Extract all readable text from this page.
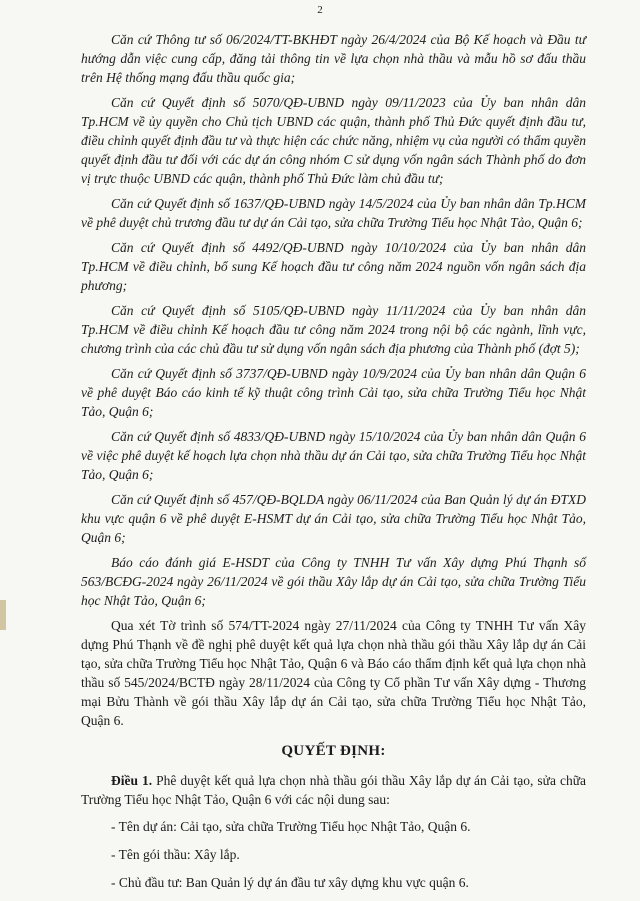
2

Căn cứ Thông tư số 06/2024/TT-BKHĐT ngày 26/4/2024 của Bộ Kế hoạch và Đầu tư hướng dẫn việc cung cấp, đăng tải thông tin về lựa chọn nhà thầu và mẫu hồ sơ đấu thầu trên Hệ thống mạng đấu thầu quốc gia;

Căn cứ Quyết định số 5070/QĐ-UBND ngày 09/11/2023 của Ủy ban nhân dân Tp.HCM về ủy quyền cho Chủ tịch UBND các quận, thành phố Thủ Đức quyết định đầu tư, điều chỉnh quyết định đầu tư và thực hiện các chức năng, nhiệm vụ của người có thẩm quyền quyết định đầu tư đối với các dự án công nhóm C sử dụng vốn ngân sách Thành phố do đơn vị trực thuộc UBND các quận, thành phố Thủ Đức làm chủ đầu tư;

Căn cứ Quyết định số 1637/QĐ-UBND ngày 14/5/2024 của Ủy ban nhân dân Tp.HCM về phê duyệt chủ trương đầu tư dự án Cải tạo, sửa chữa Trường Tiểu học Nhật Tảo, Quận 6;

Căn cứ Quyết định số 4492/QĐ-UBND ngày 10/10/2024 của Ủy ban nhân dân Tp.HCM về điều chỉnh, bổ sung Kế hoạch đầu tư công năm 2024 nguồn vốn ngân sách địa phương;

Căn cứ Quyết định số 5105/QĐ-UBND ngày 11/11/2024 của Ủy ban nhân dân Tp.HCM về điều chỉnh Kế hoạch đầu tư công năm 2024 trong nội bộ các ngành, lĩnh vực, chương trình của các chủ đầu tư sử dụng vốn ngân sách địa phương của Thành phố (đợt 5);

Căn cứ Quyết định số 3737/QĐ-UBND ngày 10/9/2024 của Ủy ban nhân dân Quận 6 về phê duyệt Báo cáo kinh tế kỹ thuật công trình Cải tạo, sửa chữa Trường Tiểu học Nhật Tảo, Quận 6;

Căn cứ Quyết định số 4833/QĐ-UBND ngày 15/10/2024 của Ủy ban nhân dân Quận 6 về việc phê duyệt kế hoạch lựa chọn nhà thầu dự án Cải tạo, sửa chữa Trường Tiểu học Nhật Tảo, Quận 6;

Căn cứ Quyết định số 457/QĐ-BQLDA ngày 06/11/2024 của Ban Quản lý dự án ĐTXD khu vực quận 6 về phê duyệt E-HSMT dự án Cải tạo, sửa chữa Trường Tiểu học Nhật Tảo, Quận 6;

Báo cáo đánh giá E-HSDT của Công ty TNHH Tư vấn Xây dựng Phú Thạnh số 563/BCĐG-2024 ngày 26/11/2024 về gói thầu Xây lắp dự án Cải tạo, sửa chữa Trường Tiểu học Nhật Tảo, Quận 6;

Qua xét Tờ trình số 574/TT-2024 ngày 27/11/2024 của Công ty TNHH Tư vấn Xây dựng Phú Thạnh về đề nghị phê duyệt kết quả lựa chọn nhà thầu gói thầu Xây lắp dự án Cải tạo, sửa chữa Trường Tiểu học Nhật Tảo, Quận 6 và Báo cáo thẩm định kết quả lựa chọn nhà thầu số 545/2024/BCTĐ ngày 28/11/2024 của Công ty Cổ phần Tư vấn Xây dựng - Thương mại Bửu Thành về gói thầu Xây lắp dự án Cải tạo, sửa chữa Trường Tiểu học Nhật Tảo, Quận 6.

QUYẾT ĐỊNH:

Điều 1. Phê duyệt kết quả lựa chọn nhà thầu gói thầu Xây lắp dự án Cải tạo, sửa chữa Trường Tiểu học Nhật Tảo, Quận 6 với các nội dung sau:

- Tên dự án: Cải tạo, sửa chữa Trường Tiểu học Nhật Tảo, Quận 6.

- Tên gói thầu: Xây lắp.

- Chủ đầu tư: Ban Quản lý dự án đầu tư xây dựng khu vực quận 6.
